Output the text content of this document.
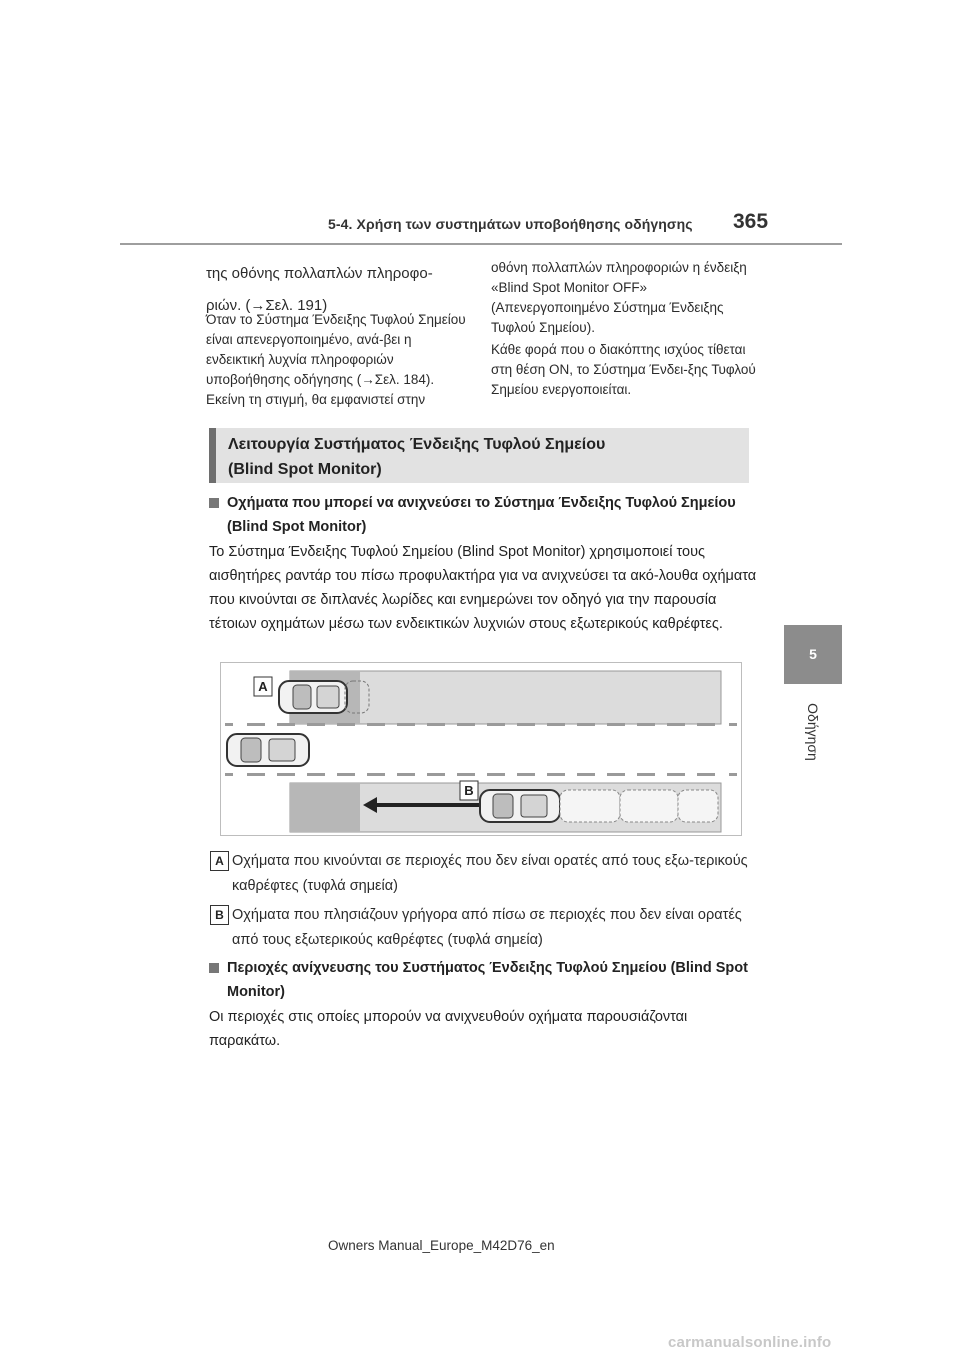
5-4. Χρήση των συστημάτων υποβοήθησης οδήγησης 365
της οθόνης πολλαπλών πληροφο-ριών. (→Σελ. 191)
Όταν το Σύστημα Ένδειξης Τυφλού Σημείου είναι απενεργοποιημένο, ανά-βει η ενδεικτική λυχνία πληροφοριών υποβοήθησης οδήγησης (→Σελ. 184). Εκείνη τη στιγμή, θα εμφανιστεί στην
οθόνη πολλαπλών πληροφοριών η ένδειξη «Blind Spot Monitor OFF» (Απενεργοποιημένο Σύστημα Ένδειξης Τυφλού Σημείου).
Κάθε φορά που ο διακόπτης ισχύος τίθεται στη θέση ON, το Σύστημα Ένδει-ξης Τυφλού Σημείου ενεργοποιείται.
5
Οδήγηση
Λειτουργία Συστήματος Ένδειξης Τυφλού Σημείου
(Blind Spot Monitor)
Οχήματα που μπορεί να ανιχνεύσει το Σύστημα Ένδειξης Τυφλού Σημείου (Blind Spot Monitor)
Το Σύστημα Ένδειξης Τυφλού Σημείου (Blind Spot Monitor) χρησιμοποιεί τους αισθητήρες ραντάρ του πίσω προφυλακτήρα για να ανιχνεύσει τα ακό-λουθα οχήματα που κινούνται σε διπλανές λωρίδες και ενημερώνει τον οδηγό για την παρουσία τέτοιων οχημάτων μέσω των ενδεικτικών λυχνιών στους εξωτερικούς καθρέφτες.
A
B
A Οχήματα που κινούνται σε περιοχές που δεν είναι ορατές από τους εξω-τερικούς καθρέφτες (τυφλά σημεία)
B Οχήματα που πλησιάζουν γρήγορα από πίσω σε περιοχές που δεν είναι ορατές από τους εξωτερικούς καθρέφτες (τυφλά σημεία)
Περιοχές ανίχνευσης του Συστήματος Ένδειξης Τυφλού Σημείου (Blind Spot Monitor)
Οι περιοχές στις οποίες μπορούν να ανιχνευθούν οχήματα παρουσιάζονται παρακάτω.
Owners Manual_Europe_M42D76_en
carmanualsonline.info
